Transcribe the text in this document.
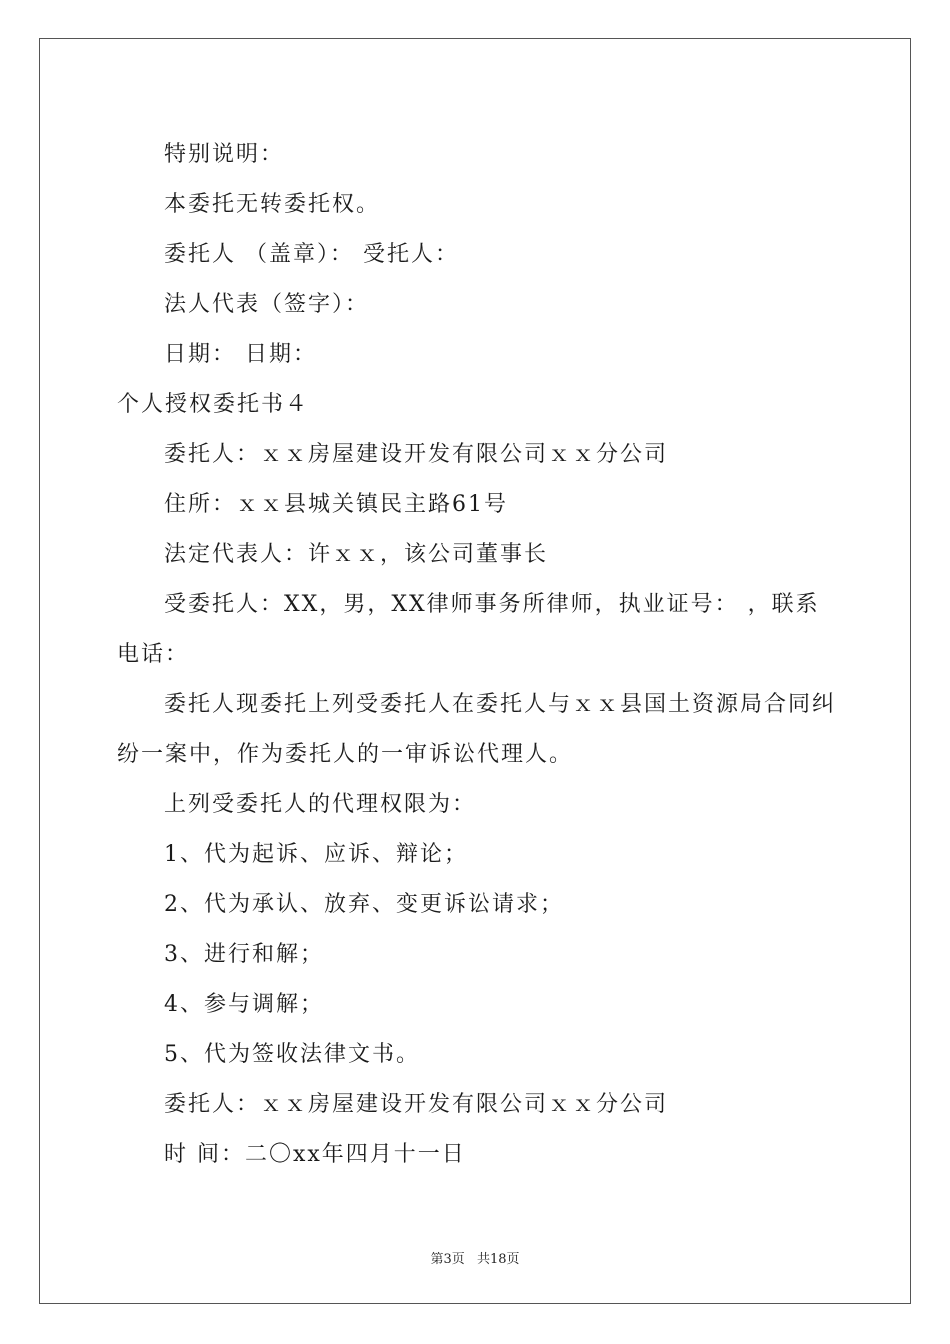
特别说明：
本委托无转委托权。
委托人 （盖章）： 受托人：
法人代表（签字）：
日期： 日期：
个人授权委托书４
委托人：ｘｘ房屋建设开发有限公司ｘｘ分公司
住所：ｘｘ县城关镇民主路61号
法定代表人：许ｘｘ，该公司董事长
受委托人：XX，男，XX律师事务所律师，执业证号： ，联系电话：
委托人现委托上列受委托人在委托人与ｘｘ县国土资源局合同纠纷一案中，作为委托人的一审诉讼代理人。
上列受委托人的代理权限为：
1、代为起诉、应诉、辩论；
2、代为承认、放弃、变更诉讼请求；
3、进行和解；
4、参与调解；
5、代为签收法律文书。
委托人：ｘｘ房屋建设开发有限公司ｘｘ分公司
时 间：二〇xx年四月十一日
第3页 共18页
